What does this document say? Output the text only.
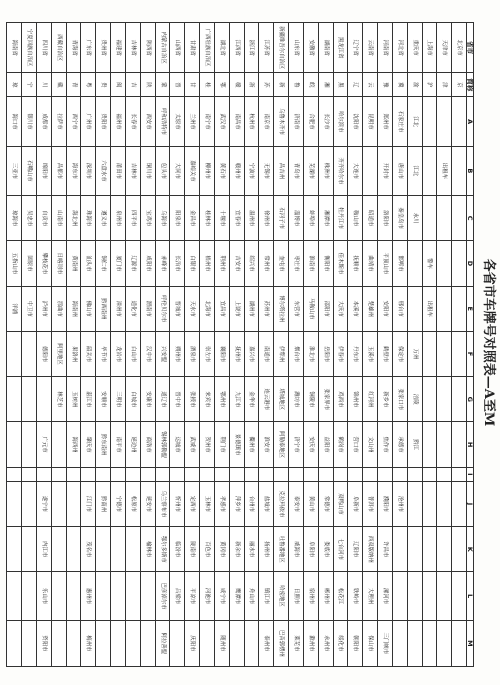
各省市车牌号对照表—A至M
省市	简称	A	B	C	D	E	F	G	H	I	J	K	L	M
北京市	京													
天津市	津		出租车											
上海市	沪				警车	出租车								
重庆市	渝	江北	江北	永川			万州	涪陵	黔江					
河北省	冀	石家庄市	唐山市	秦皇岛市	邯郸市	邢台市	保定市	张家口市	承德市		沧州市			
河南省	豫	郑州市	开封市	洛阳市	平顶山市	安阳市	鹤壁市	新乡市	焦作市		濮阳市	许昌市	漯河市	三门峡市
云南省	云	昆明市		昭通市	曲靖市	楚雄州	玉溪市	红河州	文山州		普洱市	西双版纳州	大理州	保山市
辽宁省	辽	沈阳市	大连市	鞍山市	抚顺市	本溪市	丹东市	锦州市	营口市		阜新市	辽阳市	铁岭市	朝阳市
黑龙江省	黑	哈尔滨市	齐齐哈尔市	牡丹江市	佳木斯市	大庆市	伊春市	鸡西市	鹤岗市		双鸭山市	七台河市	松花江	绥化市
湖南省	湘	长沙市	株洲市	湘潭市	衡阳市	邵阳市	岳阳市	张家界市	益阳市		常德市	娄底市	郴州市	永州市
安徽省	皖	合肥市	芜湖市	蚌埠市	淮南市	马鞍山市	淮北市	铜陵市	安庆市		黄山市	阜阳市	宿州市	滁州市
山东省	鲁	济南市	青岛市	淄博市	枣庄市	东营市	烟台市	潍坊市	济宁市		泰安市	威海市	日照市	莱芜市
新疆维吾尔自治区	新	乌鲁木齐市	昌吉州	石河子市	奎屯市	博尔塔拉州	伊犁州	塔城地区	阿勒泰地区		克拉玛依市	吐鲁番地区	哈密地区	巴音郭楞州
江苏省	苏	南京市	无锡市	徐州市	常州市	苏州市	南通市	连云港市	淮安市		盐城市	扬州市	镇江市	泰州市
浙江省	浙	杭州市	宁波市	温州市	绍兴市	湖州市	嘉兴市	金华市	衢州市		台州市	丽水市	舟山市	
江西省	赣	南昌市	赣州市	宜春市	吉安市	上饶市	抚州市	九江市	景德镇市		萍乡市	新余市	鹰潭市	
湖北省	鄂	武汉市	黄石市	十堰市	荆州市	宜昌市	襄阳市	鄂州市	荆门市		孝感市	黄冈市	咸宁市	随州市
广西壮族自治区	桂	南宁市	柳州市	桂林市	梧州市	北海市	崇左市	来宾市	贺州市		玉林市	百色市	河池市	
甘肃省	甘	兰州市	嘉峪关市	金昌市	白银市	天水市	酒泉市	张掖市	武威市		定西市	陇南市	平凉市	庆阳市
山西省	晋	太原市	大同市	阳泉市	长治市	晋城市	朔州市	晋中市	运城市		忻州市	临汾市	吕梁市	
内蒙古自治区	蒙	呼和浩特市	包头市	乌海市	赤峰市	呼伦贝尔市	兴安盟	通辽市	锡林郭勒盟		乌兰察布市	鄂尔多斯市	巴彦淖尔市	阿拉善盟
陕西省	陕	西安市	铜川市	宝鸡市	咸阳市	渭南市	汉中市	安康市	商洛市		延安市	榆林市		
吉林省	吉	长春市	吉林市	四平市	辽源市	通化市	白山市	白城市	延边州		松原市			
福建省	闽	福州市	莆田市	泉州市	厦门市	漳州市	龙岩市	三明市	南平市		宁德市			
贵州省	贵	贵阳市	六盘水市	遵义市	铜仁市	黔西南州	毕节市	安顺市	黔东南州		黔南州			
广东省	粤	广州市	深圳市	珠海市	汕头市	佛山市	韶关市	湛江市	肇庆市		江门市	茂名市	惠州市	梅州市
青海省	青	西宁市	海东市	海北州	黄南州	海南州	果洛州	玉树州	海西州					
西藏自治区	藏	拉萨市	昌都市	山南市	日喀则市	那曲市	阿里地区	林芝市						
四川省	川	成都市	绵阳市	自贡市	攀枝花市	泸州市	德阳市		广元市		遂宁市	内江市	乐山市	资阳市
宁夏回族自治区	宁	银川市	石嘴山市	吴忠市	固原市	中卫市								
海南省	琼	海口市	三亚市	琼海市	五指山市	洋浦								
